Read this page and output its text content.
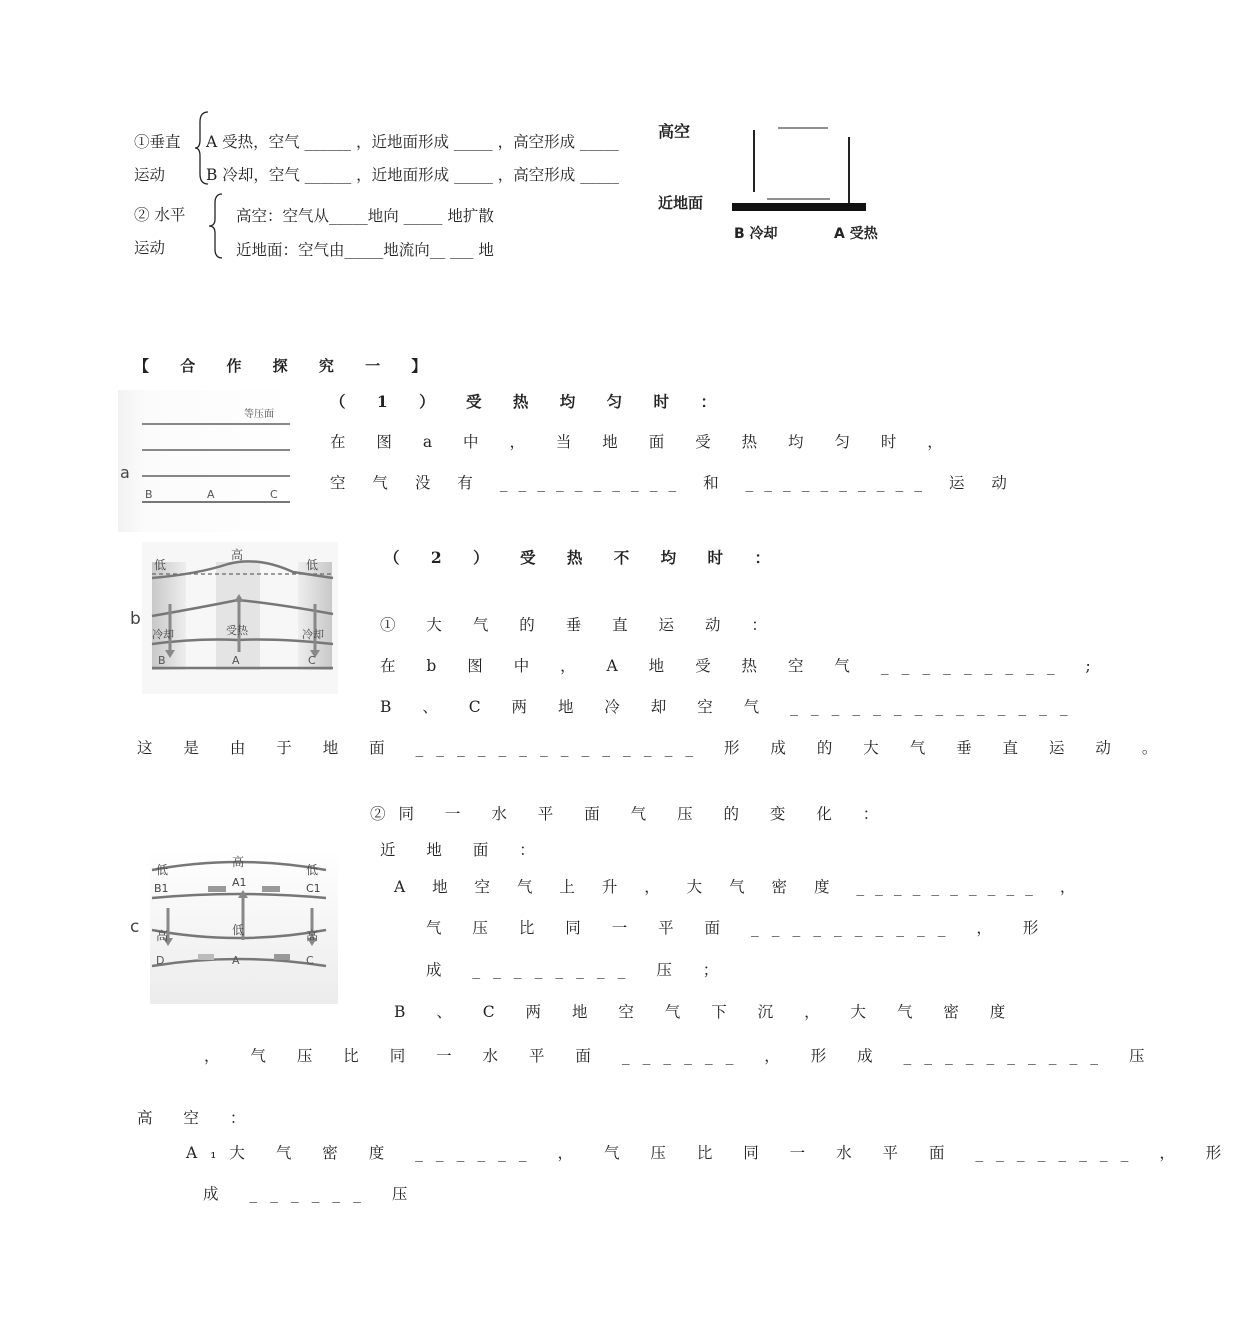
①垂直
运动
A 受热，空气 ______ ，近地面形成 _____ ，高空形成 _____
B 冷却，空气 ______ ，近地面形成 _____ ，高空形成 _____
② 水平
运动
高空：空气从_____地向 _____ 地扩散
近地面：空气由_____地流向__ ___ 地
高空
近地面
B 冷却	A 受热
【 合 作 探 究 一 】
a
等压面
B	A	C
（ 1 ） 受 热 均 匀 时 ：
在 图 a 中 ， 当 地 面 受 热 均 匀 时 ，
空 气 没 有 __________ 和 __________ 运 动
b
低
高
低
冷却	受热	冷却
B	A	C
（ 2 ） 受 热 不 均 时 ：
① 大 气 的 垂 直 运 动 ：
在 b 图 中 ， A 地 受 热 空 气 _________ ;
B 、 C 两 地 冷 却 空 气 ______________
这 是 由 于 地 面 ______________ 形 成 的 大 气 垂 直 运 动 。
c
低
高
低
B1	A1	C1
高	低	高
D	A	C
②同 一 水 平 面 气 压 的 变 化 ：
近 地 面 ：
A 地 空 气 上 升 ， 大 气 密 度 __________ ，
气 压 比 同 一 平 面 __________ ， 形
成 ________ 压 ；
B 、 C 两 地 空 气 下 沉 ， 大 气 密 度
， 气 压 比 同 一 水 平 面 ______ ， 形 成 __________ 压
高 空 ：
A₁大 气 密 度 ______ ， 气 压 比 同 一 水 平 面 ________ ， 形
成 ______ 压
